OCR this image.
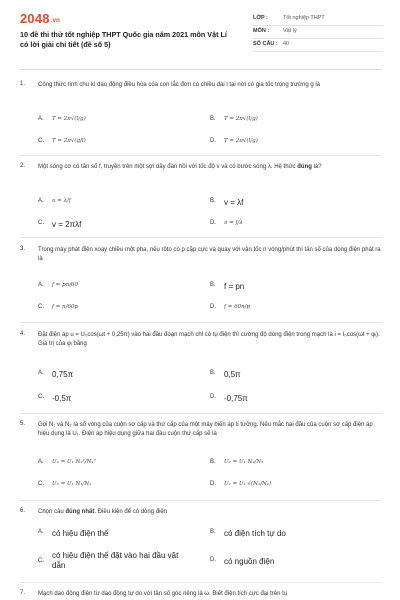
2048.vn
10 đề thi thử tốt nghiệp THPT Quốc gia năm 2021 môn Vật Lí có lời giải chi tiết (đề số 5)
LỚP :	Tốt nghiệp THPT
MÔN :	Vật lý
SỐ CÂU : 40
1. Công thức tính chu kì dao động điều hòa của con lắc đơn có chiều dài l tại nơi có gia tốc trọng trường g là
A.	T = 2π√(l/g)	B.	T = 2π√(l/g)
C.	T = 2π√(g/l)	D.	T = 2π√(l/g)
2. Một sóng cơ có tần số f, truyền trên một sợi dây đàn hồi với tốc độ v và có bước sóng λ. Hệ thức đúng là?
A.	υ = λ/f	B.	v = λf
C.	v = 2πλf	D.	υ = f/λ
3. Trong máy phát điện xoay chiều một pha, nếu rôto có p cặp cực và quay với vận tốc n vòng/phút thì tần số của dòng điện phát ra là
A.	f = pn/60	B.	f = pn
C.	f = n/60p	D.	f = 60n/p
4. Đặt điện áp u = U₀cos(ωt + 0,25π) vào hai đầu đoạn mạch chỉ có tụ điện thì cường độ dòng điện trong mạch là i = I₀cos(ωt + φᵢ). Giá trị của φᵢ bằng
A.	0,75π	B.	0,5π
C.	-0,5π	D.	-0,75π
5. Gọi N₁ và N₂ là số vòng của cuộn sơ cấp và thứ cấp của một máy biến áp lí tưởng. Nếu mắc hai đầu của cuộn sơ cấp điện áp hiệu dụng là U₁. Điện áp hiệu dụng giữa hai đầu cuộn thứ cấp sẽ là
A.	U₂ = U₁ N₂²/N₁²	B.	U₂ = U₁ N₂/N₁
C.	U₂ = U₁ N₁/N₂	D.	U₂ = U₁ √(N₂/N₁)
6. Chọn câu đúng nhất. Điều kiện để có dòng điện
A.	có hiệu điện thế	B.	có điện tích tự do
C.
có hiệu điện thế đặt vào hai đầu vật dẫn
D.	có nguồn điện
7. Mạch dao động điện từ dao động tự do với tần số góc riêng là ω. Biết điện tích cực đại trên tụ
